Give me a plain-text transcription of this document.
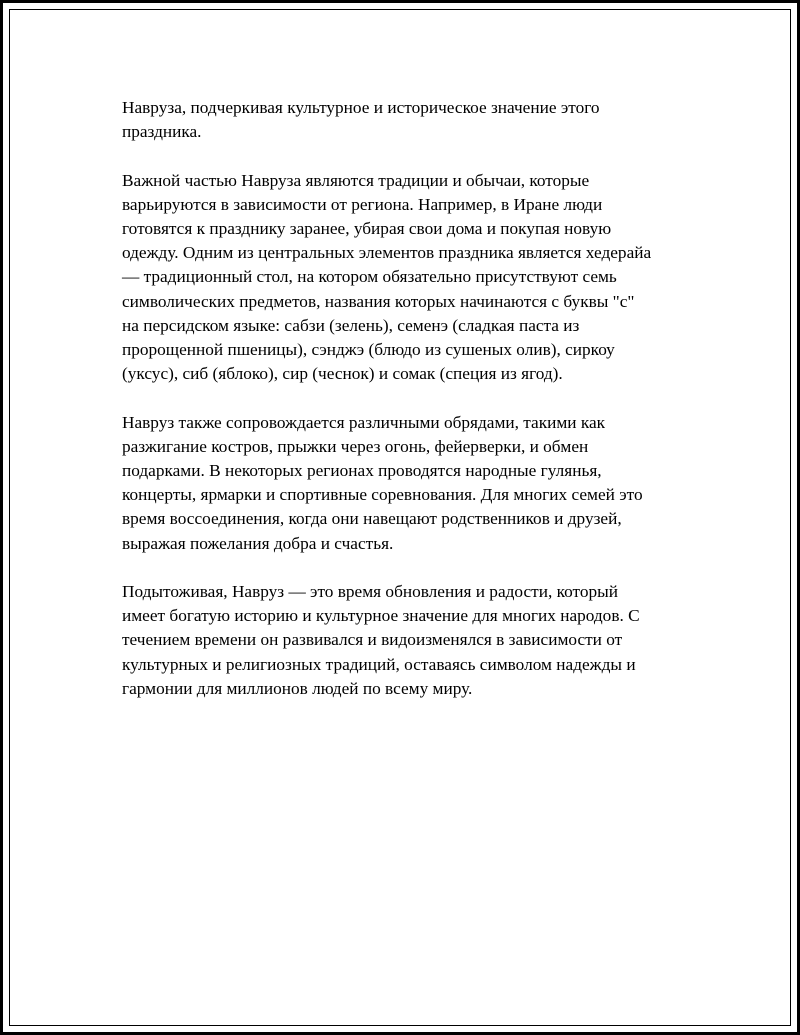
Навруза, подчеркивая культурное и историческое значение этого
праздника.

Важной частью Навруза являются традиции и обычаи, которые
варьируются в зависимости от региона. Например, в Иране люди
готовятся к празднику заранее, убирая свои дома и покупая новую
одежду. Одним из центральных элементов праздника является хедерайа
— традиционный стол, на котором обязательно присутствуют семь
символических предметов, названия которых начинаются с буквы "с"
на персидском языке: сабзи (зелень), семенэ (сладкая паста из
пророщенной пшеницы), сэнджэ (блюдо из сушеных олив), сиркоу
(уксус), сиб (яблоко), сир (чеснок) и сомак (специя из ягод).

Навруз также сопровождается различными обрядами, такими как
разжигание костров, прыжки через огонь, фейерверки, и обмен
подарками. В некоторых регионах проводятся народные гулянья,
концерты, ярмарки и спортивные соревнования. Для многих семей это
время воссоединения, когда они навещают родственников и друзей,
выражая пожелания добра и счастья.

Подытоживая, Навруз — это время обновления и радости, который
имеет богатую историю и культурное значение для многих народов. С
течением времени он развивался и видоизменялся в зависимости от
культурных и религиозных традиций, оставаясь символом надежды и
гармонии для миллионов людей по всему миру.
